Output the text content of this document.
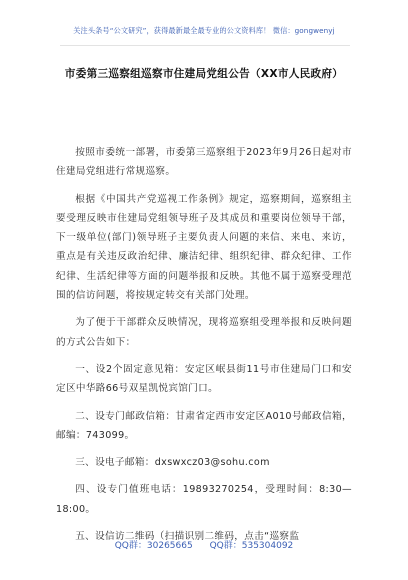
关注头条号“公文研究”，获得最新最全最专业的公文资料库！ 微信：gongwenyj
市委第三巡察组巡察市住建局党组公告（XX市人民政府）

按照市委统一部署，市委第三巡察组于2023年9月26日起对市住建局党组进行常规巡察。

根据《中国共产党巡视工作条例》规定，巡察期间，巡察组主要受理反映市住建局党组领导班子及其成员和重要岗位领导干部，下一级单位(部门)领导班子主要负责人问题的来信、来电、来访，重点是有关违反政治纪律、廉洁纪律、组织纪律、群众纪律、工作纪律、生活纪律等方面的问题举报和反映。其他不属于巡察受理范围的信访问题，将按规定转交有关部门处理。

为了便于干部群众反映情况，现将巡察组受理举报和反映问题的方式公告如下：

一、设2个固定意见箱：安定区岷县街11号市住建局门口和安定区中华路66号双星凯悦宾馆门口。

二、设专门邮政信箱：甘肃省定西市安定区A010号邮政信箱，邮编：743099。

三、设电子邮箱：dxswxcz03@sohu.com

四、设专门值班电话：19893270254，受理时间：8:30—18:00。

五、设信访二维码（扫描识别二维码，点击“巡察监

QQ群：30265665 QQ群：535304092
